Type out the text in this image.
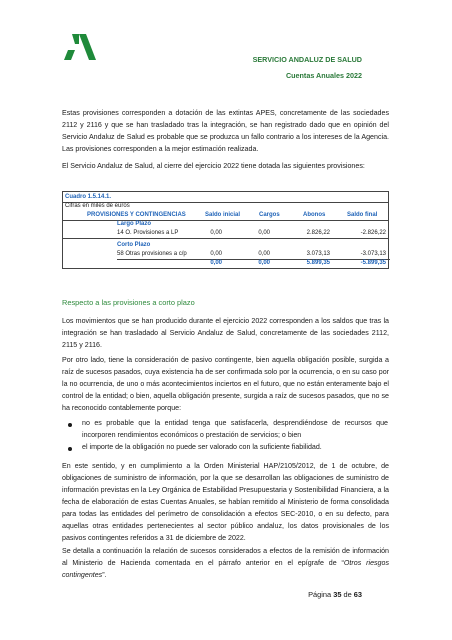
SERVICIO ANDALUZ DE SALUD
Cuentas Anuales 2022
Estas provisiones corresponden a dotación de las extintas APES, concretamente de las sociedades 2112 y 2116 y que se han trasladado tras la integración, se han registrado dado que en opinión del Servicio Andaluz de Salud es probable que se produzca un fallo contrario a los intereses de la Agencia. Las provisiones corresponden a la mejor estimación realizada.
El Servicio Andaluz de Salud, al cierre del ejercicio 2022 tiene dotada las siguientes provisiones:
Cuadro 1.5.14.1.
Cifras en miles de euros
PROVISIONES Y CONTINGENCIAS	Saldo inicial	Cargos	Abonos	Saldo final
Largo Plazo
14 O. Provisiones a LP	0,00	0,00	2.826,22	-2.826,22
Corto Plazo
58 Otras provisiones a c/p	0,00	0,00	3.073,13	-3.073,13
0,00	0,00	5.899,35	-5.899,35
Respecto a las provisiones a corto plazo
Los movimientos que se han producido durante el ejercicio 2022 corresponden a los saldos que tras la integración se han trasladado al Servicio Andaluz de Salud, concretamente de las sociedades 2112, 2115 y 2116.
Por otro lado, tiene la consideración de pasivo contingente, bien aquella obligación posible, surgida a raíz de sucesos pasados, cuya existencia ha de ser confirmada solo por la ocurrencia, o en su caso por la no ocurrencia, de uno o más acontecimientos inciertos en el futuro, que no están enteramente bajo el control de la entidad; o bien, aquella obligación presente, surgida a raíz de sucesos pasados, que no se ha reconocido contablemente porque:
no es probable que la entidad tenga que satisfacerla, desprendiéndose de recursos que incorporen rendimientos económicos o prestación de servicios; o bien
el importe de la obligación no puede ser valorado con la suficiente fiabilidad.
En este sentido, y en cumplimiento a la Orden Ministerial HAP/2105/2012, de 1 de octubre, de obligaciones de suministro de información, por la que se desarrollan las obligaciones de suministro de información previstas en la Ley Orgánica de Estabilidad Presupuestaria y Sostenibilidad Financiera, a la fecha de elaboración de estas Cuentas Anuales, se habían remitido al Ministerio de forma consolidada para todas las entidades del perímetro de consolidación a efectos SEC-2010, o en su defecto, para aquellas otras entidades pertenecientes al sector público andaluz, los datos provisionales de los pasivos contingentes referidos a 31 de diciembre de 2022.
Se detalla a continuación la relación de sucesos considerados a efectos de la remisión de información al Ministerio de Hacienda comentada en el párrafo anterior en el epígrafe de “Otros riesgos contingentes”.
Página 35 de 63
